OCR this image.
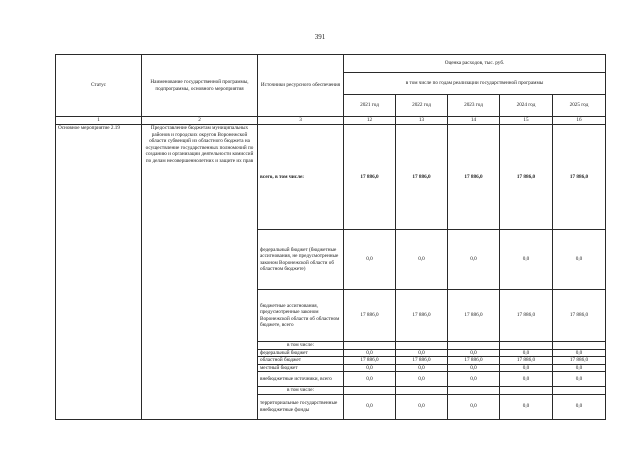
391
Статус	Наименование государственной программы, подпрограммы, основного мероприятия	Источники ресурсного обеспечения	Оценка расходов, тыс. руб.				
			в том числе по годам реализации государственной программы				
			2021 год	2022 год	2023 год	2024 год	2025 год
1	2	3	12	13	14	15	16
Основное мероприятие 2.19	Предоставление бюджетам муниципальных районов и городских округов Воронежской области субвенций из областного бюджета на осуществление государственных полномочий по созданию и организации деятельности комиссий по делам несовершеннолетних и защите их прав	всего, в том числе:	17 886,0	17 886,0	17 886,0	17 886,0	17 886,0
		федеральный бюджет (бюджетные ассигнования, не предусмотренные законом Воронежской области об областном бюджете)	0,0	0,0	0,0	0,0	0,0
		бюджетные ассигнования, предусмотренные законом Воронежской области об областном бюджете, всего	17 886,0	17 886,0	17 886,0	17 886,0	17 886,0
		в том числе:					
		федеральный бюджет	0,0	0,0	0,0	0,0	0,0
		областной бюджет	17 886,0	17 886,0	17 886,0	17 886,0	17 886,0
		местный бюджет	0,0	0,0	0,0	0,0	0,0
		внебюджетные источники, всего	0,0	0,0	0,0	0,0	0,0
		в том числе:					
		территориальные государственные внебюджетные фонды	0,0	0,0	0,0	0,0	0,0
